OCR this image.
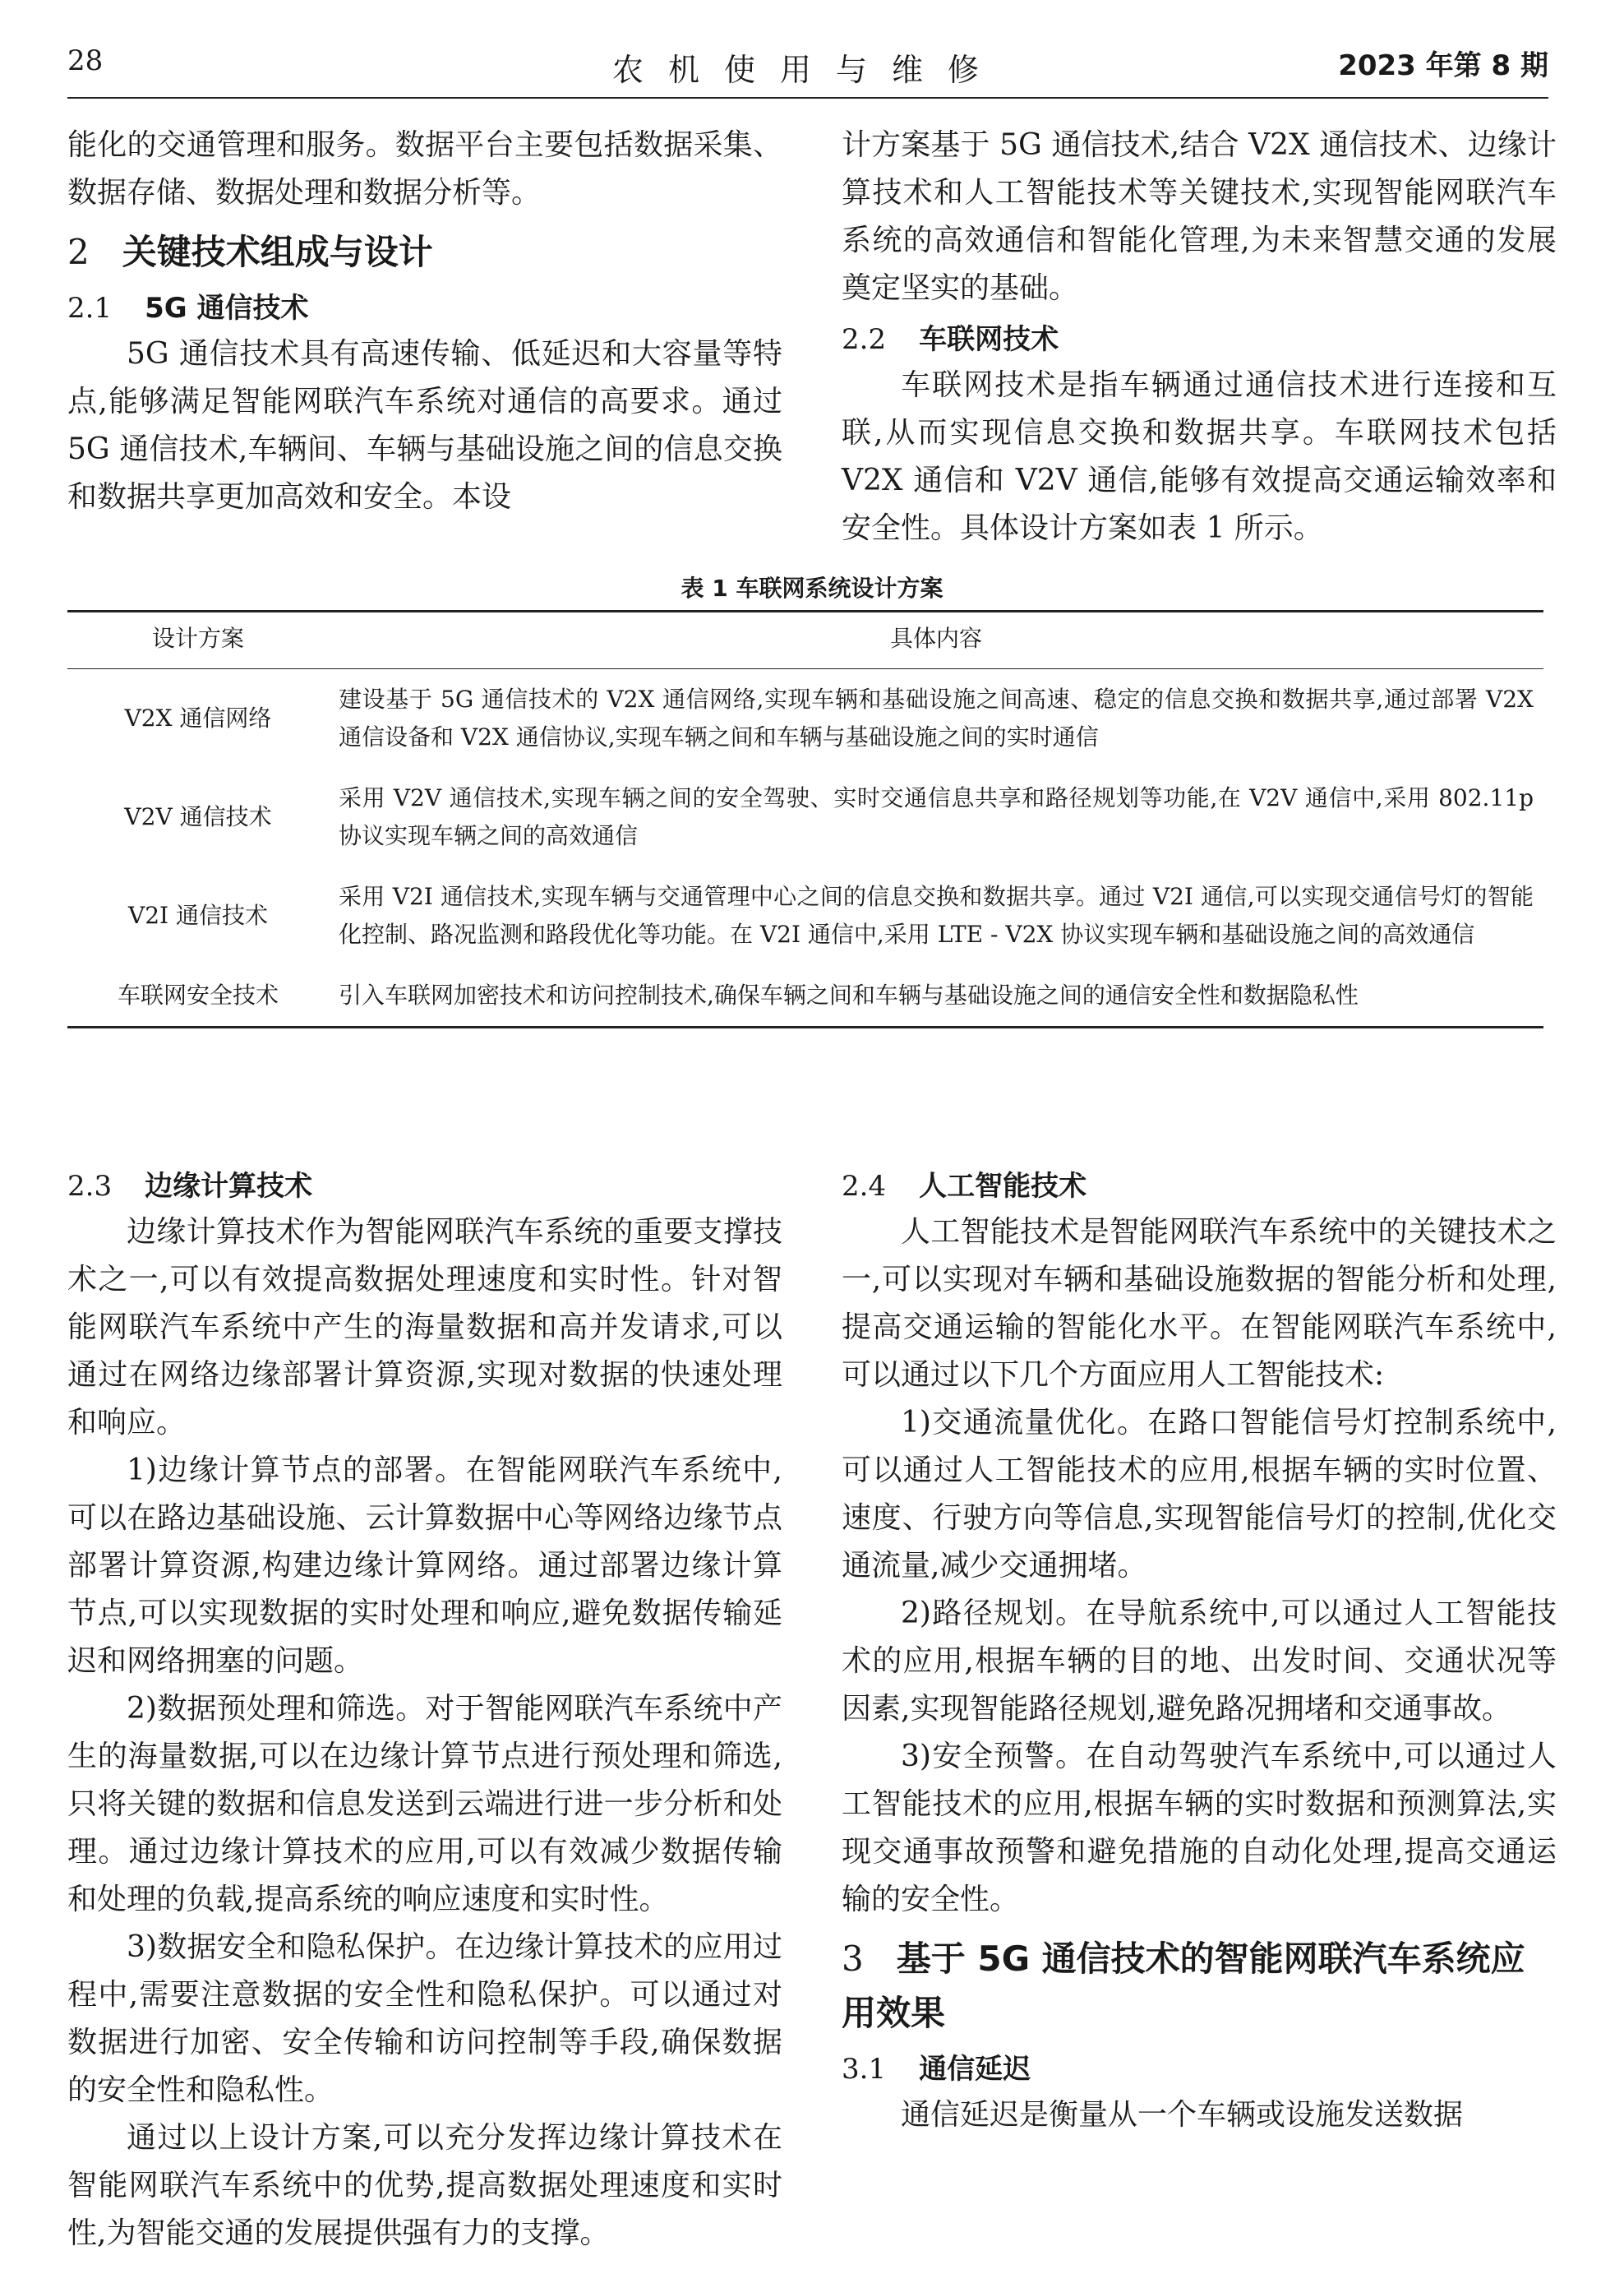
28	农机使用与维修	2023 年第 8 期

能化的交通管理和服务。数据平台主要包括数据采集、数据存储、数据处理和数据分析等。

2 关键技术组成与设计
2.1 5G 通信技术

5G 通信技术具有高速传输、低延迟和大容量等特点,能够满足智能网联汽车系统对通信的高要求。通过 5G 通信技术,车辆间、车辆与基础设施之间的信息交换和数据共享更加高效和安全。本设

计方案基于 5G 通信技术,结合 V2X 通信技术、边缘计算技术和人工智能技术等关键技术,实现智能网联汽车系统的高效通信和智能化管理,为未来智慧交通的发展奠定坚实的基础。

2.2 车联网技术

车联网技术是指车辆通过通信技术进行连接和互联,从而实现信息交换和数据共享。车联网技术包括 V2X 通信和 V2V 通信,能够有效提高交通运输效率和安全性。具体设计方案如表 1 所示。

表 1 车联网系统设计方案
设计方案	具体内容
V2X 通信网络	建设基于 5G 通信技术的 V2X 通信网络,实现车辆和基础设施之间高速、稳定的信息交换和数据共享,通过部署 V2X 通信设备和 V2X 通信协议,实现车辆之间和车辆与基础设施之间的实时通信
V2V 通信技术	采用 V2V 通信技术,实现车辆之间的安全驾驶、实时交通信息共享和路径规划等功能,在 V2V 通信中,采用 802.11p 协议实现车辆之间的高效通信
V2I 通信技术	采用 V2I 通信技术,实现车辆与交通管理中心之间的信息交换和数据共享。通过 V2I 通信,可以实现交通信号灯的智能化控制、路况监测和路段优化等功能。在 V2I 通信中,采用 LTE - V2X 协议实现车辆和基础设施之间的高效通信
车联网安全技术	引入车联网加密技术和访问控制技术,确保车辆之间和车辆与基础设施之间的通信安全性和数据隐私性
2.3 边缘计算技术

边缘计算技术作为智能网联汽车系统的重要支撑技术之一,可以有效提高数据处理速度和实时性。针对智能网联汽车系统中产生的海量数据和高并发请求,可以通过在网络边缘部署计算资源,实现对数据的快速处理和响应。

1)边缘计算节点的部署。在智能网联汽车系统中,可以在路边基础设施、云计算数据中心等网络边缘节点部署计算资源,构建边缘计算网络。通过部署边缘计算节点,可以实现数据的实时处理和响应,避免数据传输延迟和网络拥塞的问题。

2)数据预处理和筛选。对于智能网联汽车系统中产生的海量数据,可以在边缘计算节点进行预处理和筛选,只将关键的数据和信息发送到云端进行进一步分析和处理。通过边缘计算技术的应用,可以有效减少数据传输和处理的负载,提高系统的响应速度和实时性。

3)数据安全和隐私保护。在边缘计算技术的应用过程中,需要注意数据的安全性和隐私保护。可以通过对数据进行加密、安全传输和访问控制等手段,确保数据的安全性和隐私性。

通过以上设计方案,可以充分发挥边缘计算技术在智能网联汽车系统中的优势,提高数据处理速度和实时性,为智能交通的发展提供强有力的支撑。

2.4 人工智能技术

人工智能技术是智能网联汽车系统中的关键技术之一,可以实现对车辆和基础设施数据的智能分析和处理,提高交通运输的智能化水平。在智能网联汽车系统中,可以通过以下几个方面应用人工智能技术:

1)交通流量优化。在路口智能信号灯控制系统中,可以通过人工智能技术的应用,根据车辆的实时位置、速度、行驶方向等信息,实现智能信号灯的控制,优化交通流量,减少交通拥堵。

2)路径规划。在导航系统中,可以通过人工智能技术的应用,根据车辆的目的地、出发时间、交通状况等因素,实现智能路径规划,避免路况拥堵和交通事故。

3)安全预警。在自动驾驶汽车系统中,可以通过人工智能技术的应用,根据车辆的实时数据和预测算法,实现交通事故预警和避免措施的自动化处理,提高交通运输的安全性。

3 基于 5G 通信技术的智能网联汽车系统应用效果
3.1 通信延迟

通信延迟是衡量从一个车辆或设施发送数据
